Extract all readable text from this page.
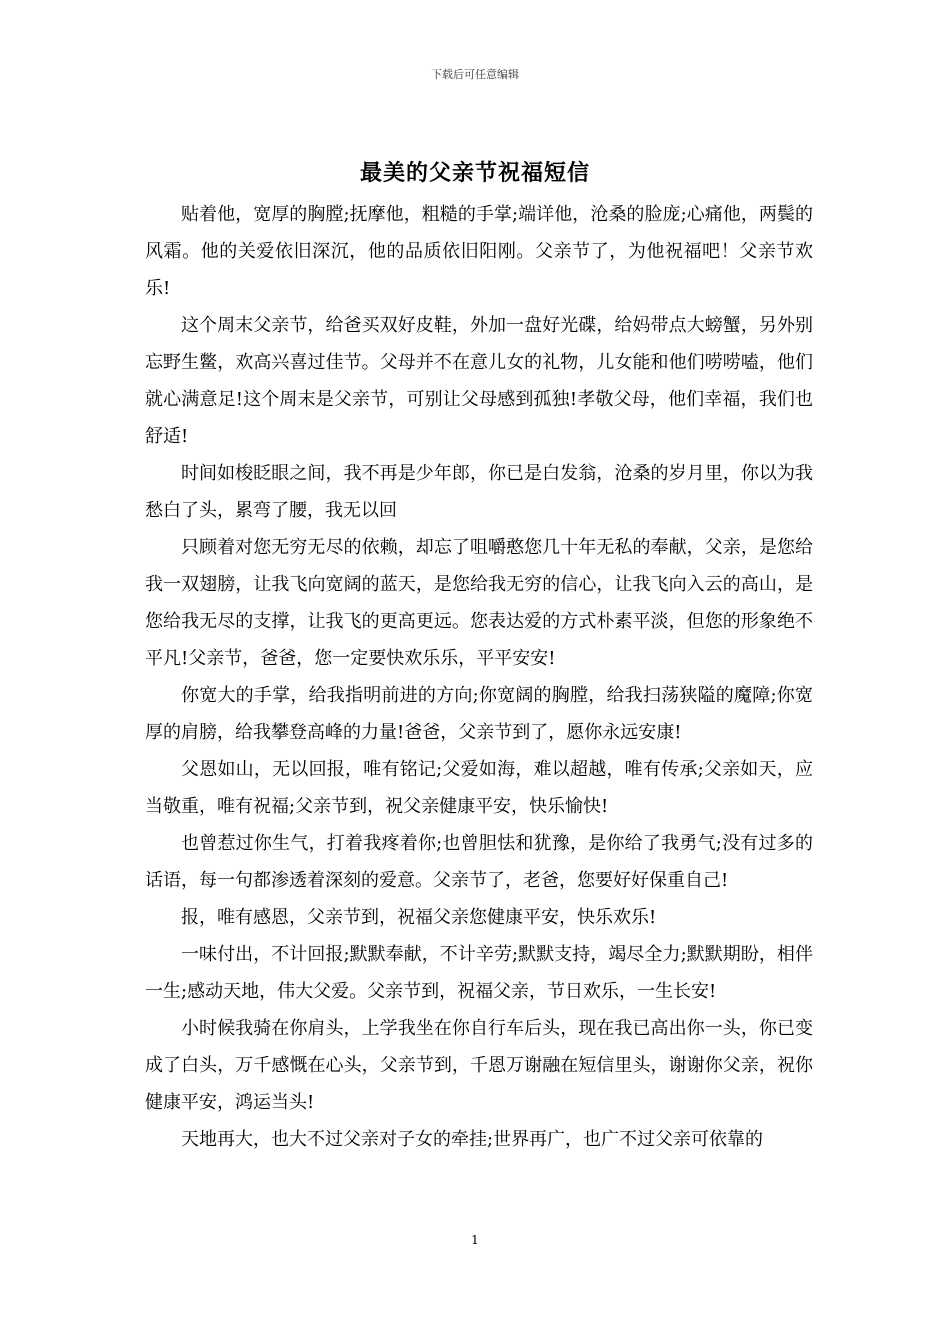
下载后可任意编辑
最美的父亲节祝福短信

贴着他，宽厚的胸膛;抚摩他，粗糙的手掌;端详他，沧桑的脸庞;心痛他，两鬓的风霜。他的关爱依旧深沉，他的品质依旧阳刚。父亲节了，为他祝福吧！父亲节欢乐!

这个周末父亲节，给爸买双好皮鞋，外加一盘好光碟，给妈带点大螃蟹，另外别忘野生鳖，欢高兴喜过佳节。父母并不在意儿女的礼物，儿女能和他们唠唠嗑，他们就心满意足!这个周末是父亲节，可别让父母感到孤独!孝敬父母，他们幸福，我们也舒适!

时间如梭眨眼之间，我不再是少年郎，你已是白发翁，沧桑的岁月里，你以为我愁白了头，累弯了腰，我无以回

只顾着对您无穷无尽的依赖，却忘了咀嚼憨您几十年无私的奉献，父亲，是您给我一双翅膀，让我飞向宽阔的蓝天，是您给我无穷的信心，让我飞向入云的高山，是您给我无尽的支撑，让我飞的更高更远。您表达爱的方式朴素平淡，但您的形象绝不平凡!父亲节，爸爸，您一定要快欢乐乐，平平安安!

你宽大的手掌，给我指明前进的方向;你宽阔的胸膛，给我扫荡狭隘的魔障;你宽厚的肩膀，给我攀登高峰的力量!爸爸，父亲节到了，愿你永远安康!

父恩如山，无以回报，唯有铭记;父爱如海，难以超越，唯有传承;父亲如天，应当敬重，唯有祝福;父亲节到，祝父亲健康平安，快乐愉快!

也曾惹过你生气，打着我疼着你;也曾胆怯和犹豫，是你给了我勇气;没有过多的话语，每一句都渗透着深刻的爱意。父亲节了，老爸，您要好好保重自己!

报，唯有感恩，父亲节到，祝福父亲您健康平安，快乐欢乐!

一味付出，不计回报;默默奉献，不计辛劳;默默支持，竭尽全力;默默期盼，相伴一生;感动天地，伟大父爱。父亲节到，祝福父亲，节日欢乐，一生长安!

小时候我骑在你肩头，上学我坐在你自行车后头，现在我已高出你一头，你已变成了白头，万千感慨在心头，父亲节到，千恩万谢融在短信里头，谢谢你父亲，祝你健康平安，鸿运当头!

天地再大，也大不过父亲对子女的牵挂;世界再广，也广不过父亲可依靠的

1
